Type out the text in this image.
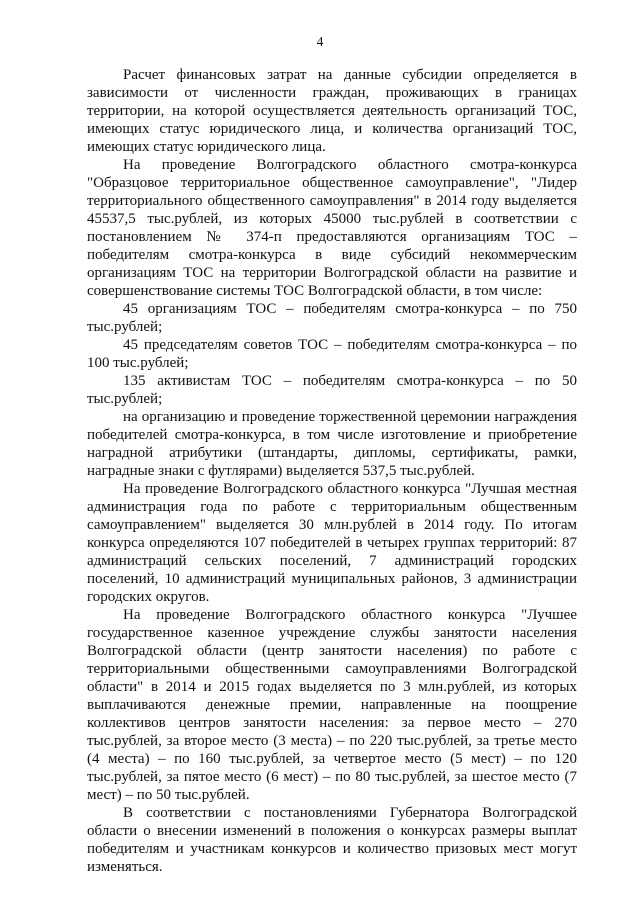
4

Расчет финансовых затрат на данные субсидии определяется в зависимости от численности граждан, проживающих в границах территории, на которой осуществляется деятельность организаций ТОС, имеющих статус юридического лица, и количества организаций ТОС, имеющих статус юридического лица.

На проведение Волгоградского областного смотра-конкурса "Образцовое территориальное общественное самоуправление", "Лидер территориального общественного самоуправления" в 2014 году выделяется 45537,5 тыс.рублей, из которых 45000 тыс.рублей в соответствии с постановлением № 374-п предоставляются организациям ТОС – победителям смотра-конкурса в виде субсидий некоммерческим организациям ТОС на территории Волгоградской области на развитие и совершенствование системы ТОС Волгоградской области, в том числе:

45 организациям ТОС – победителям смотра-конкурса – по 750 тыс.рублей;

45 председателям советов ТОС – победителям смотра-конкурса – по 100 тыс.рублей;

135 активистам ТОС – победителям смотра-конкурса – по 50 тыс.рублей;

на организацию и проведение торжественной церемонии награждения победителей смотра-конкурса, в том числе изготовление и приобретение наградной атрибутики (штандарты, дипломы, сертификаты, рамки, наградные знаки с футлярами) выделяется 537,5 тыс.рублей.

На проведение Волгоградского областного конкурса "Лучшая местная администрация года по работе с территориальным общественным самоуправлением" выделяется 30 млн.рублей в 2014 году. По итогам конкурса определяются 107 победителей в четырех группах территорий: 87 администраций сельских поселений, 7 администраций городских поселений, 10 администраций муниципальных районов, 3 администрации городских округов.

На проведение Волгоградского областного конкурса "Лучшее государственное казенное учреждение службы занятости населения Волгоградской области (центр занятости населения) по работе с территориальными общественными самоуправлениями Волгоградской области" в 2014 и 2015 годах выделяется по 3 млн.рублей, из которых выплачиваются денежные премии, направленные на поощрение коллективов центров занятости населения: за первое место – 270 тыс.рублей, за второе место (3 места) – по 220 тыс.рублей, за третье место (4 места) – по 160 тыс.рублей, за четвертое место (5 мест) – по 120 тыс.рублей, за пятое место (6 мест) – по 80 тыс.рублей, за шестое место (7 мест) – по 50 тыс.рублей.

В соответствии с постановлениями Губернатора Волгоградской области о внесении изменений в положения о конкурсах размеры выплат победителям и участникам конкурсов и количество призовых мест могут изменяться.
